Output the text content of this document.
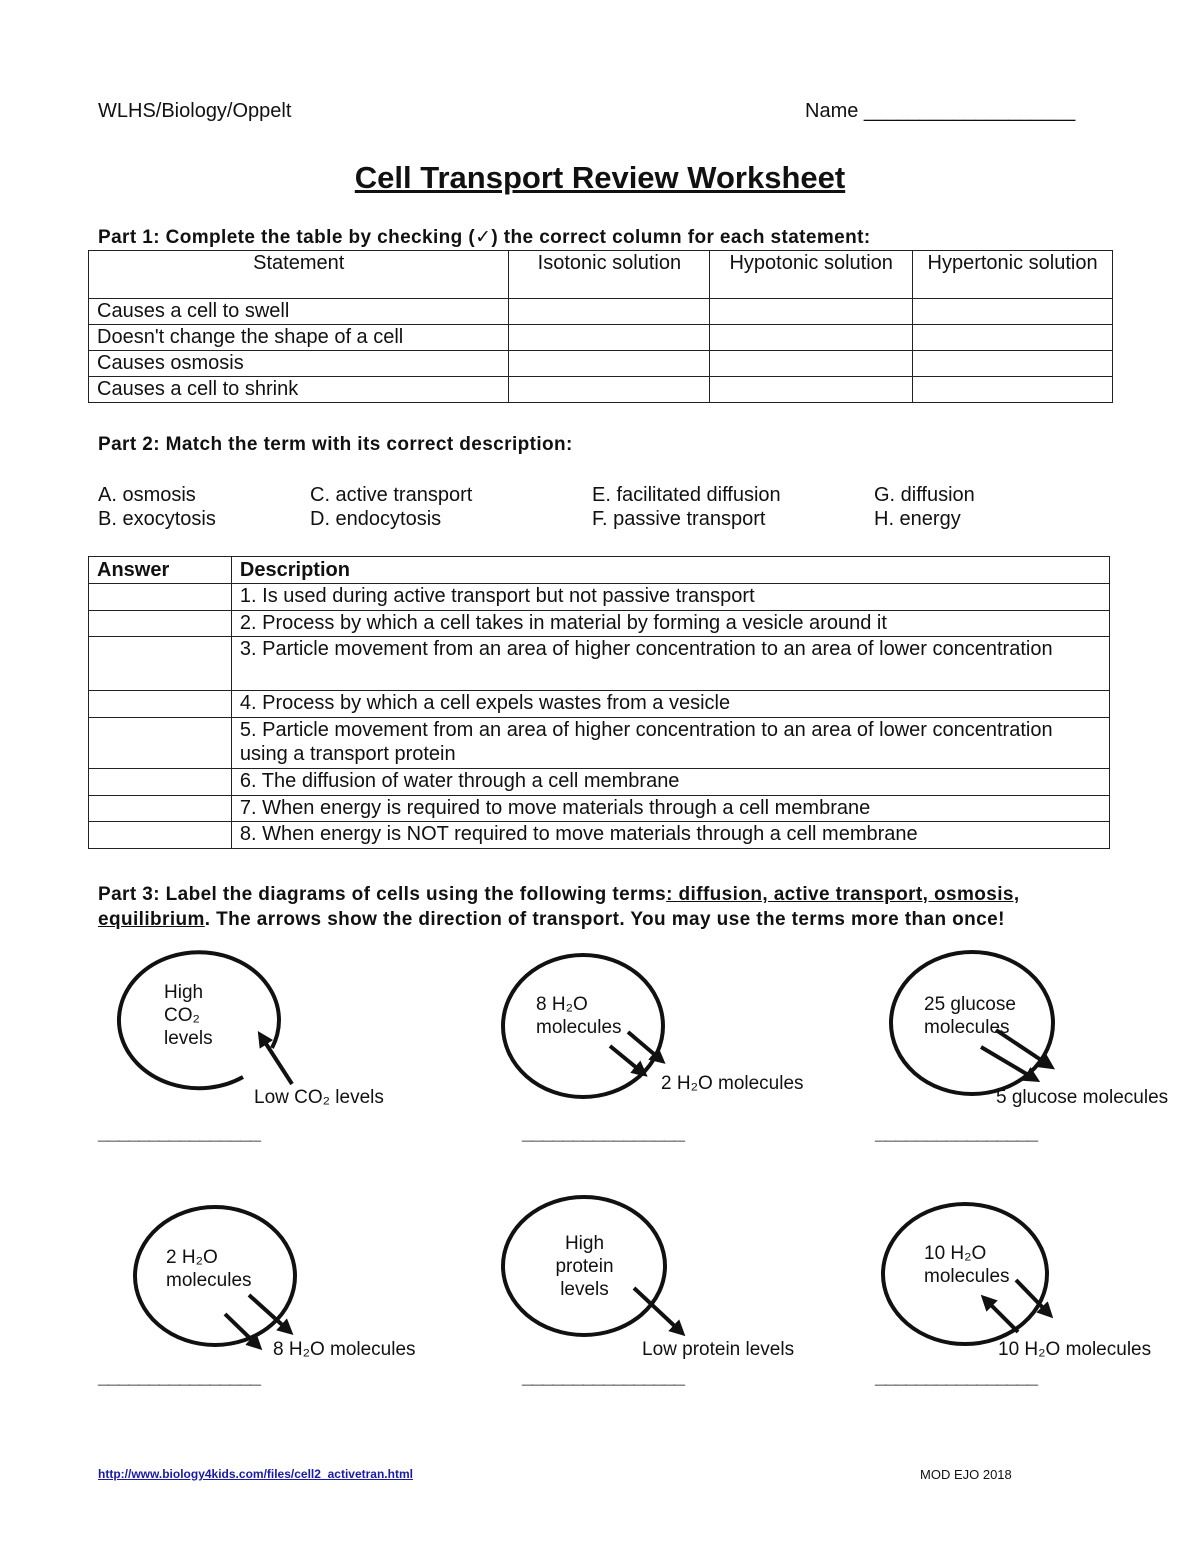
WLHS/Biology/Oppelt	Name ___________________
Cell Transport Review Worksheet
Part 1: Complete the table by checking (✓) the correct column for each statement:
Statement	Isotonic solution	Hypotonic solution	Hypertonic solution
Causes a cell to swell			
Doesn't change the shape of a cell			
Causes osmosis			
Causes a cell to shrink			
Part 2: Match the term with its correct description:
A. osmosis
B. exocytosis
C. active transport
D. endocytosis
E. facilitated diffusion
F. passive transport
G. diffusion
H. energy
Answer	Description
	1. Is used during active transport but not passive transport
	2. Process by which a cell takes in material by forming a vesicle around it
	3. Particle movement from an area of higher concentration to an area of lower concentration
	4. Process by which a cell expels wastes from a vesicle
	5. Particle movement from an area of higher concentration to an area of lower concentration using a transport protein
	6. The diffusion of water through a cell membrane
	7. When energy is required to move materials through a cell membrane
	8. When energy is NOT required to move materials through a cell membrane
Part 3: Label the diagrams of cells using the following terms: diffusion, active transport, osmosis, equilibrium. The arrows show the direction of transport. You may use the terms more than once!
High CO₂ levels
Low CO₂ levels
8 H₂O molecules
2 H₂O molecules
25 glucose molecules
5 glucose molecules
2 H₂O molecules
8 H₂O molecules
High protein levels
Low protein levels
10 H₂O molecules
10 H₂O molecules
________________	________________	________________
________________	________________	________________
http://www.biology4kids.com/files/cell2_activetran.html	MOD EJO 2018
